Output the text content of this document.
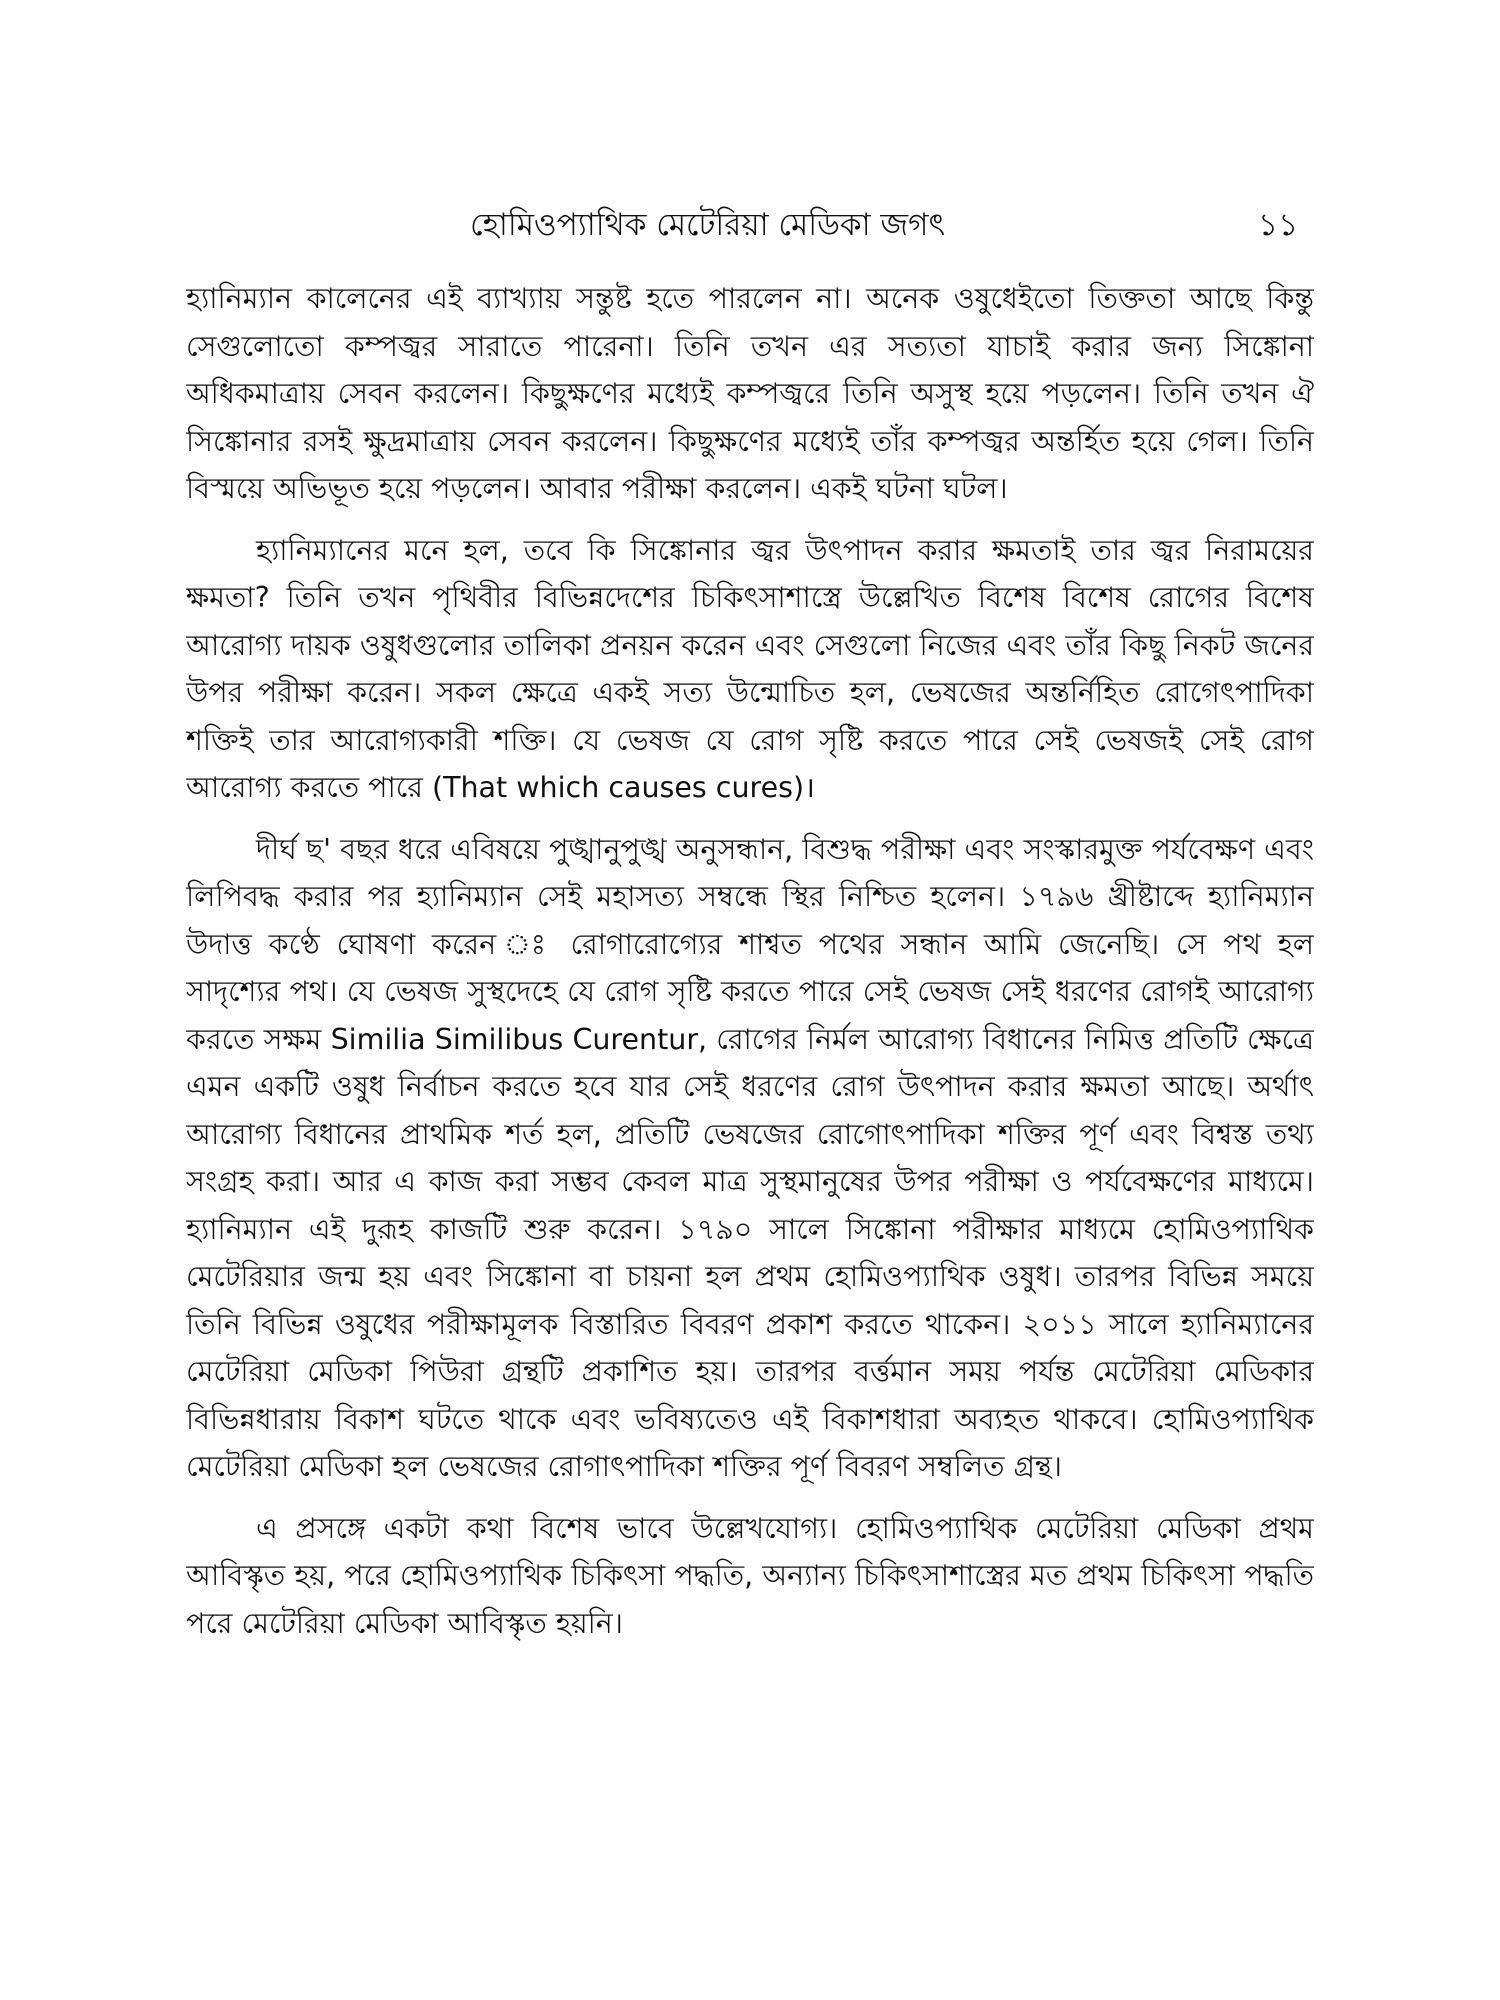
হোমিওপ্যাথিক মেটেরিয়া মেডিকা জগৎ	১১

হ্যানিম্যান কালেনের এই ব্যাখ্যায় সন্তুষ্ট হতে পারলেন না। অনেক ওষুধেইতো তিক্ততা আছে কিন্তু সেগুলোতো কম্পজ্বর সারাতে পারেনা। তিনি তখন এর সত্যতা যাচাই করার জন্য সিঙ্কোনা অধিকমাত্রায় সেবন করলেন। কিছুক্ষণের মধ্যেই কম্পজ্বরে তিনি অসুস্থ হয়ে পড়লেন। তিনি তখন ঐ সিঙ্কোনার রসই ক্ষুদ্রমাত্রায় সেবন করলেন। কিছুক্ষণের মধ্যেই তাঁর কম্পজ্বর অন্তর্হিত হয়ে গেল। তিনি বিস্ময়ে অভিভূত হয়ে পড়লেন। আবার পরীক্ষা করলেন। একই ঘটনা ঘটল।

হ্যানিম্যানের মনে হল, তবে কি সিঙ্কোনার জ্বর উৎপাদন করার ক্ষমতাই তার জ্বর নিরাময়ের ক্ষমতা? তিনি তখন পৃথিবীর বিভিন্নদেশের চিকিৎসাশাস্ত্রে উল্লেখিত বিশেষ বিশেষ রোগের বিশেষ আরোগ্য দায়ক ওষুধগুলোর তালিকা প্রনয়ন করেন এবং সেগুলো নিজের এবং তাঁর কিছু নিকট জনের উপর পরীক্ষা করেন। সকল ক্ষেত্রে একই সত্য উন্মোচিত হল, ভেষজের অন্তর্নিহিত রোগেৎপাদিকা শক্তিই তার আরোগ্যকারী শক্তি। যে ভেষজ যে রোগ সৃষ্টি করতে পারে সেই ভেষজই সেই রোগ আরোগ্য করতে পারে (That which causes cures)।

দীর্ঘ ছ' বছর ধরে এবিষয়ে পুঙ্খানুপুঙ্খ অনুসন্ধান, বিশুদ্ধ পরীক্ষা এবং সংস্কারমুক্ত পর্যবেক্ষণ এবং লিপিবদ্ধ করার পর হ্যানিম্যান সেই মহাসত্য সম্বন্ধে স্থির নিশ্চিত হলেন। ১৭৯৬ খ্রীষ্টাব্দে হ্যানিম্যান উদাত্ত কণ্ঠে ঘোষণা করেন ঃ রোগারোগ্যের শাশ্বত পথের সন্ধান আমি জেনেছি। সে পথ হল সাদৃশ্যের পথ। যে ভেষজ সুস্থদেহে যে রোগ সৃষ্টি করতে পারে সেই ভেষজ সেই ধরণের রোগই আরোগ্য করতে সক্ষম Similia Similibus Curentur, রোগের নির্মল আরোগ্য বিধানের নিমিত্ত প্রতিটি ক্ষেত্রে এমন একটি ওষুধ নির্বাচন করতে হবে যার সেই ধরণের রোগ উৎপাদন করার ক্ষমতা আছে। অর্থাৎ আরোগ্য বিধানের প্রাথমিক শর্ত হল, প্রতিটি ভেষজের রোগোৎপাদিকা শক্তির পূর্ণ এবং বিশ্বস্ত তথ্য সংগ্রহ করা। আর এ কাজ করা সম্ভব কেবল মাত্র সুস্থমানুষের উপর পরীক্ষা ও পর্যবেক্ষণের মাধ্যমে। হ্যানিম্যান এই দুরূহ কাজটি শুরু করেন। ১৭৯০ সালে সিঙ্কোনা পরীক্ষার মাধ্যমে হোমিওপ্যাথিক মেটেরিয়ার জন্ম হয় এবং সিঙ্কোনা বা চায়না হল প্রথম হোমিওপ্যাথিক ওষুধ। তারপর বিভিন্ন সময়ে তিনি বিভিন্ন ওষুধের পরীক্ষামূলক বিস্তারিত বিবরণ প্রকাশ করতে থাকেন। ২০১১ সালে হ্যানিম্যানের মেটেরিয়া মেডিকা পিউরা গ্রন্থটি প্রকাশিত হয়। তারপর বর্ত্তমান সময় পর্যন্ত মেটেরিয়া মেডিকার বিভিন্নধারায় বিকাশ ঘটতে থাকে এবং ভবিষ্যতেও এই বিকাশধারা অব্যহত থাকবে। হোমিওপ্যাথিক মেটেরিয়া মেডিকা হল ভেষজের রোগাৎপাদিকা শক্তির পূর্ণ বিবরণ সম্বলিত গ্রন্থ।

এ প্রসঙ্গে একটা কথা বিশেষ ভাবে উল্লেখযোগ্য। হোমিওপ্যাথিক মেটেরিয়া মেডিকা প্রথম আবিস্কৃত হয়, পরে হোমিওপ্যাথিক চিকিৎসা পদ্ধতি, অন্যান্য চিকিৎসাশাস্ত্রের মত প্রথম চিকিৎসা পদ্ধতি পরে মেটেরিয়া মেডিকা আবিস্কৃত হয়নি।
